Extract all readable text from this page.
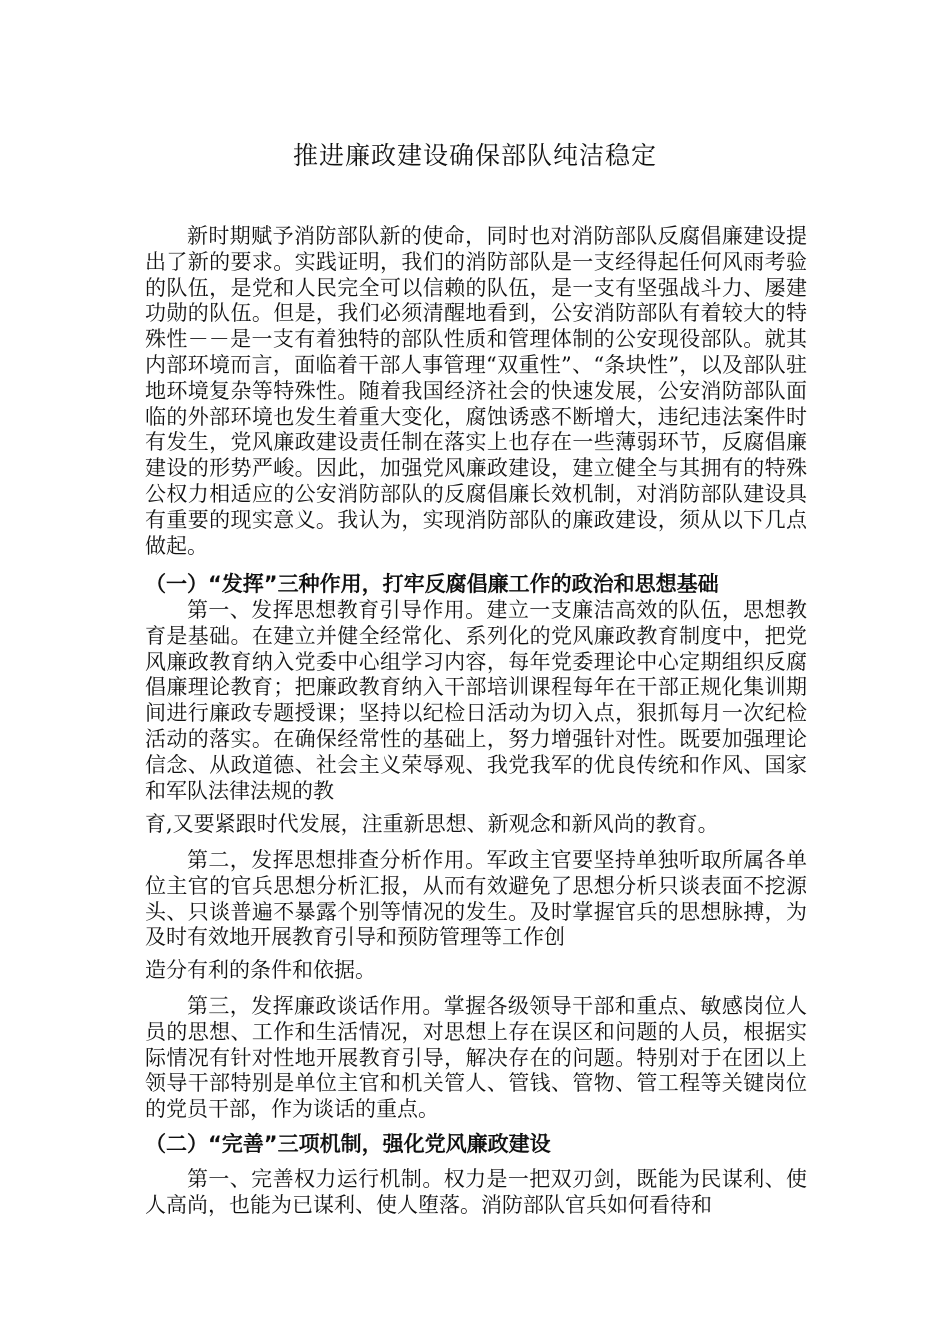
推进廉政建设确保部队纯洁稳定

新时期赋予消防部队新的使命，同时也对消防部队反腐倡廉建设提出了新的要求。实践证明，我们的消防部队是一支经得起任何风雨考验的队伍，是党和人民完全可以信赖的队伍，是一支有坚强战斗力、屡建功勋的队伍。但是，我们必须清醒地看到，公安消防部队有着较大的特殊性－－是一支有着独特的部队性质和管理体制的公安现役部队。就其内部环境而言，面临着干部人事管理“双重性”、“条块性”，以及部队驻地环境复杂等特殊性。随着我国经济社会的快速发展，公安消防部队面临的外部环境也发生着重大变化，腐蚀诱惑不断增大，违纪违法案件时有发生，党风廉政建设责任制在落实上也存在一些薄弱环节，反腐倡廉建设的形势严峻。因此，加强党风廉政建设，建立健全与其拥有的特殊公权力相适应的公安消防部队的反腐倡廉长效机制，对消防部队建设具有重要的现实意义。我认为，实现消防部队的廉政建设，须从以下几点做起。

（一）“发挥”三种作用，打牢反腐倡廉工作的政治和思想基础

第一、发挥思想教育引导作用。建立一支廉洁高效的队伍，思想教育是基础。在建立并健全经常化、系列化的党风廉政教育制度中，把党风廉政教育纳入党委中心组学习内容，每年党委理论中心定期组织反腐倡廉理论教育；把廉政教育纳入干部培训课程每年在干部正规化集训期间进行廉政专题授课；坚持以纪检日活动为切入点，狠抓每月一次纪检活动的落实。在确保经常性的基础上，努力增强针对性。既要加强理论信念、从政道德、社会主义荣辱观、我党我军的优良传统和作风、国家和军队法律法规的教

育,又要紧跟时代发展，注重新思想、新观念和新风尚的教育。

第二，发挥思想排查分析作用。军政主官要坚持单独听取所属各单位主官的官兵思想分析汇报，从而有效避免了思想分析只谈表面不挖源头、只谈普遍不暴露个别等情况的发生。及时掌握官兵的思想脉搏，为及时有效地开展教育引导和预防管理等工作创

造分有利的条件和依据。

第三，发挥廉政谈话作用。掌握各级领导干部和重点、敏感岗位人员的思想、工作和生活情况，对思想上存在误区和问题的人员，根据实际情况有针对性地开展教育引导，解决存在的问题。特别对于在团以上领导干部特别是单位主官和机关管人、管钱、管物、管工程等关键岗位的党员干部，作为谈话的重点。

（二）“完善”三项机制，强化党风廉政建设

第一、完善权力运行机制。权力是一把双刃剑，既能为民谋利、使人高尚，也能为已谋利、使人堕落。消防部队官兵如何看待和
